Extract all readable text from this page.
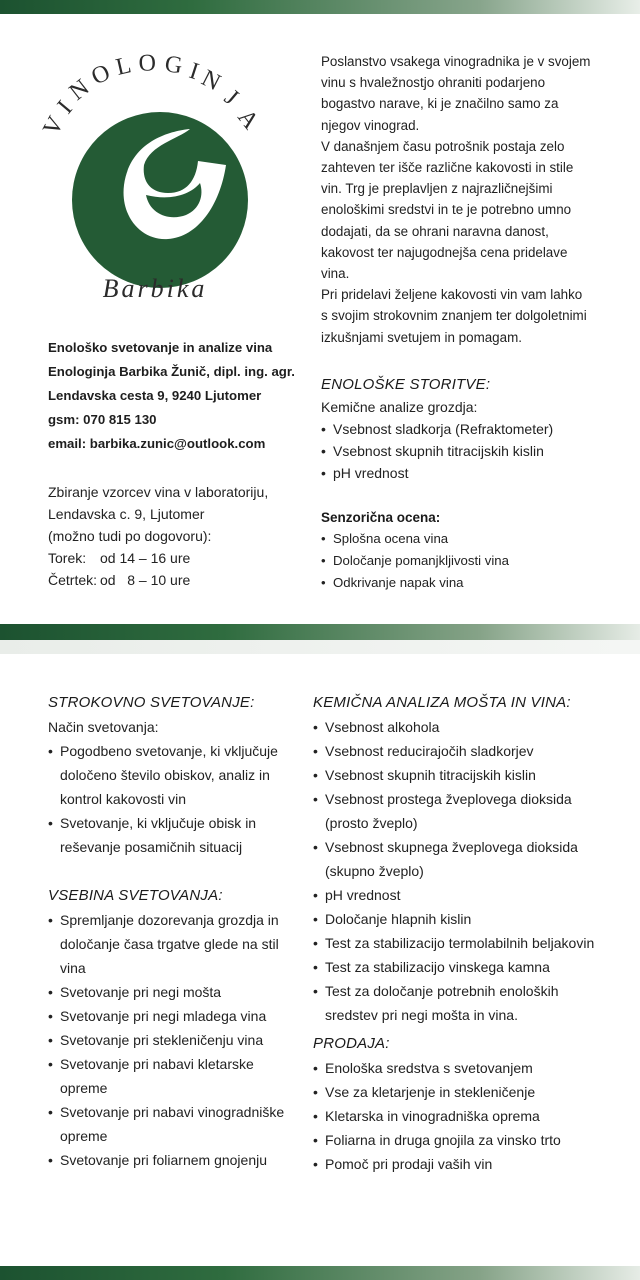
V
I
N
O L O G I
N
J
A
Barbika
Enološko svetovanje in analize vina
Enologinja Barbika Žunič, dipl. ing. agr.
Lendavska cesta 9, 9240 Ljutomer
gsm: 070 815 130
email: barbika.zunic@outlook.com
Zbiranje vzorcev vina v laboratoriju,
Lendavska c. 9, Ljutomer
(možno tudi po dogovoru):
Torek: od 14 – 16 ure
Četrtek: od   8 – 10 ure

Poslanstvo vsakega vinogradnika je v svojem vinu s hvaležnostjo ohraniti podarjeno bogastvo narave, ki je značilno samo za njegov vinograd.

V današnjem času potrošnik postaja zelo zahteven ter išče različne kakovosti in stile vin. Trg je preplavljen z najrazličnejšimi enološkimi sredstvi in te je potrebno umno dodajati, da se ohrani naravna danost, kakovost ter najugodnejša cena pridelave vina.

Pri pridelavi željene kakovosti vin vam lahko s svojim strokovnim znanjem ter dolgoletnimi izkušnjami svetujem in pomagam.

ENOLOŠKE STORITVE:
Kemične analize grozdja:
• Vsebnost sladkorja (Refraktometer)
• Vsebnost skupnih titracijskih kislin
• pH vrednost
Senzorična ocena:
• Splošna ocena vina
• Določanje pomanjkljivosti vina
• Odkrivanje napak vina
STROKOVNO SVETOVANJE:
Način svetovanja:
• Pogodbeno svetovanje, ki vključuje določeno število obiskov, analiz in kontrol kakovosti vin
• Svetovanje, ki vključuje obisk in reševanje posamičnih situacij
VSEBINA SVETOVANJA:
• Spremljanje dozorevanja grozdja in določanje časa trgatve glede na stil vina
• Svetovanje pri negi mošta
• Svetovanje pri negi mladega vina
• Svetovanje pri stekleničenju vina
• Svetovanje pri nabavi kletarske opreme
• Svetovanje pri nabavi vinogradniške opreme
• Svetovanje pri foliarnem gnojenju
KEMIČNA ANALIZA MOŠTA IN VINA:
• Vsebnost alkohola
• Vsebnost reducirajočih sladkorjev
• Vsebnost skupnih titracijskih kislin
• Vsebnost prostega žveplovega dioksida (prosto žveplo)
• Vsebnost skupnega žveplovega dioksida (skupno žveplo)
• pH vrednost
• Določanje hlapnih kislin
• Test za stabilizacijo termolabilnih beljakovin
• Test za stabilizacijo vinskega kamna
• Test za določanje potrebnih enoloških sredstev pri negi mošta in vina.
PRODAJA:
• Enološka sredstva s svetovanjem
• Vse za kletarjenje in stekleničenje
• Kletarska in vinogradniška oprema
• Foliarna in druga gnojila za vinsko trto
• Pomoč pri prodaji vaših vin
